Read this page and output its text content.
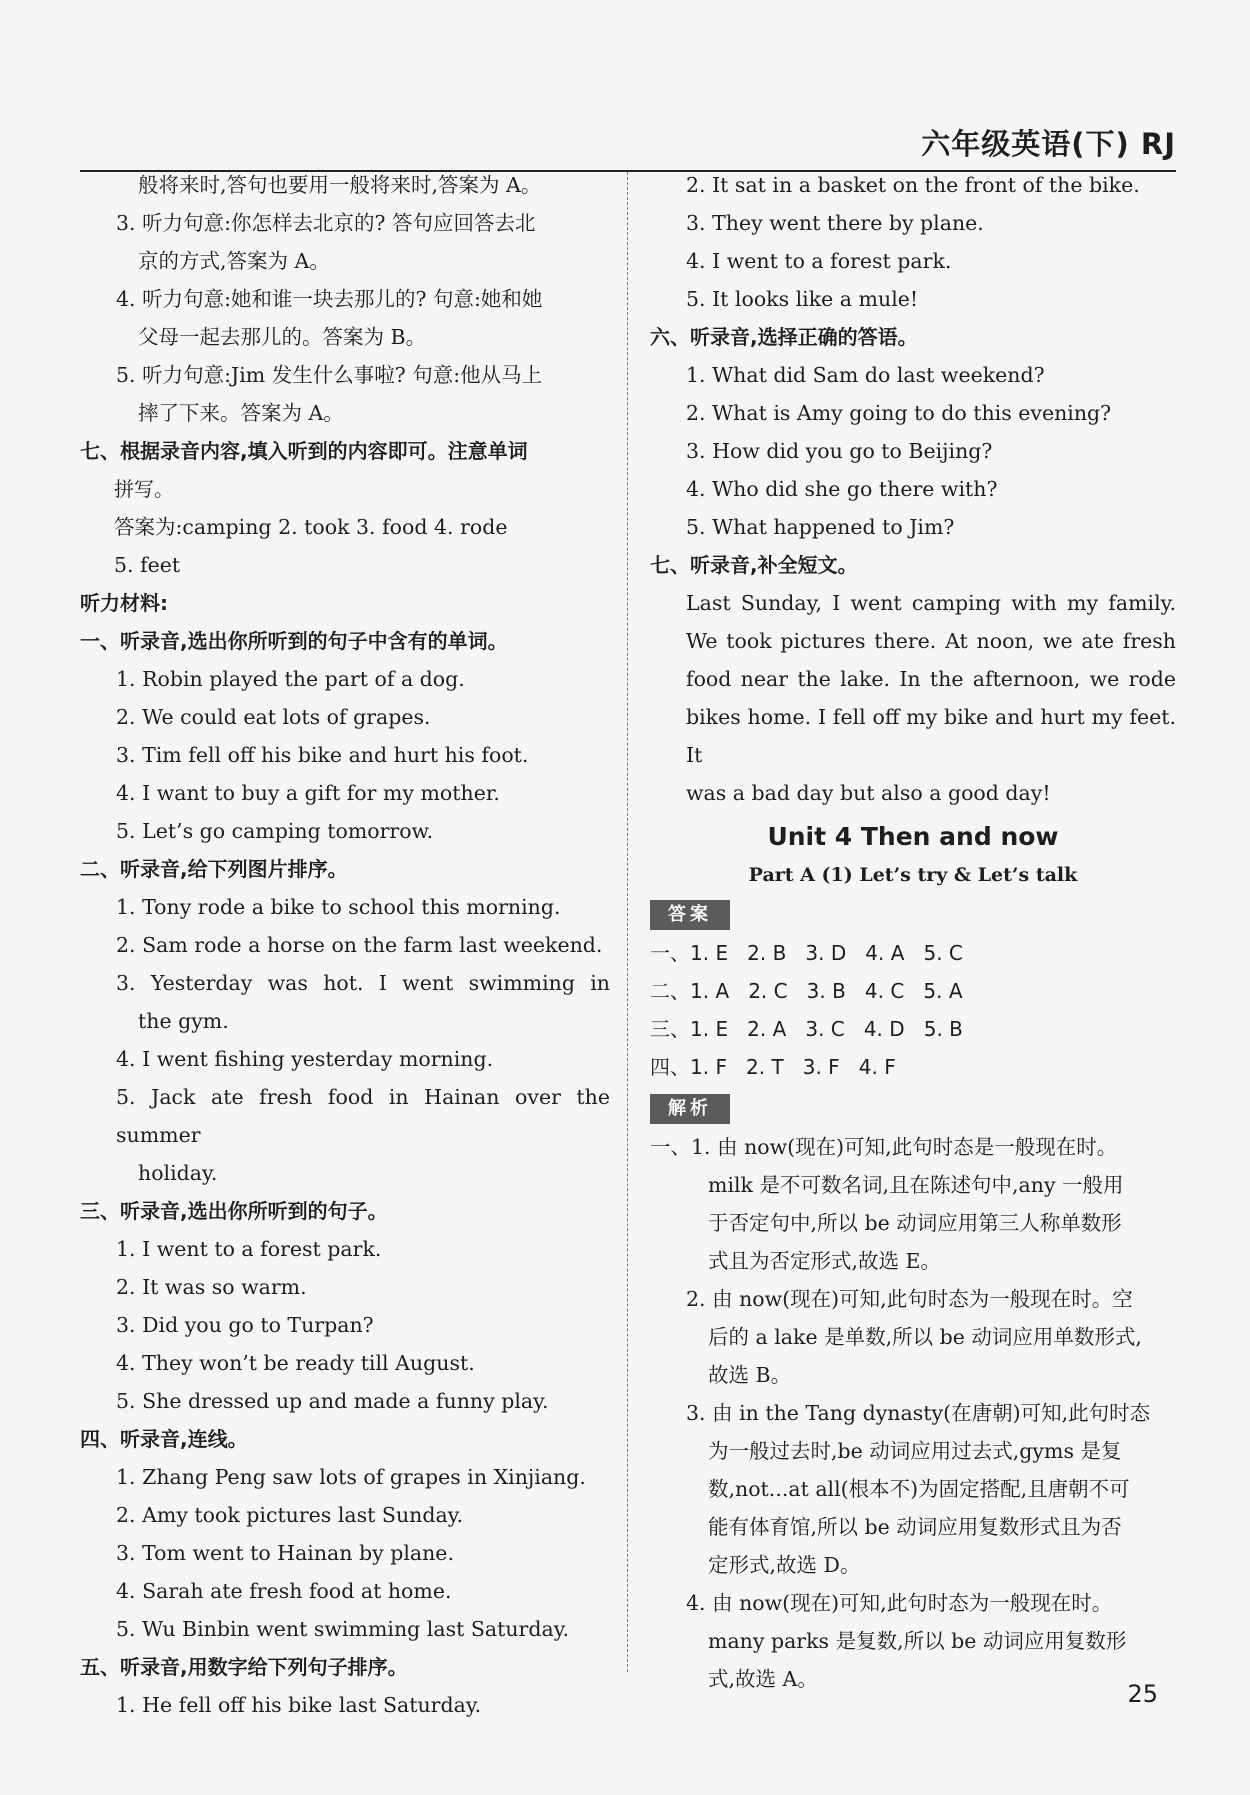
六年级英语(下) RJ
般将来时,答句也要用一般将来时,答案为 A。
3. 听力句意:你怎样去北京的? 答句应回答去北
京的方式,答案为 A。
4. 听力句意:她和谁一块去那儿的? 句意:她和她
父母一起去那儿的。答案为 B。
5. 听力句意:Jim 发生什么事啦? 句意:他从马上
摔了下来。答案为 A。
七、根据录音内容,填入听到的内容即可。注意单词
拼写。
答案为:camping 2. took 3. food 4. rode
5. feet
听力材料:
一、听录音,选出你所听到的句子中含有的单词。
1. Robin played the part of a dog.
2. We could eat lots of grapes.
3. Tim fell off his bike and hurt his foot.
4. I want to buy a gift for my mother.
5. Let’s go camping tomorrow.
二、听录音,给下列图片排序。
1. Tony rode a bike to school this morning.
2. Sam rode a horse on the farm last weekend.
3. Yesterday was hot. I went swimming in
the gym.
4. I went fishing yesterday morning.
5. Jack ate fresh food in Hainan over the summer
holiday.
三、听录音,选出你所听到的句子。
1. I went to a forest park.
2. It was so warm.
3. Did you go to Turpan?
4. They won’t be ready till August.
5. She dressed up and made a funny play.
四、听录音,连线。
1. Zhang Peng saw lots of grapes in Xinjiang.
2. Amy took pictures last Sunday.
3. Tom went to Hainan by plane.
4. Sarah ate fresh food at home.
5. Wu Binbin went swimming last Saturday.
五、听录音,用数字给下列句子排序。
1. He fell off his bike last Saturday.
2. It sat in a basket on the front of the bike.
3. They went there by plane.
4. I went to a forest park.
5. It looks like a mule!
六、听录音,选择正确的答语。
1. What did Sam do last weekend?
2. What is Amy going to do this evening?
3. How did you go to Beijing?
4. Who did she go there with?
5. What happened to Jim?
七、听录音,补全短文。
Last Sunday, I went camping with my family.
We took pictures there. At noon, we ate fresh
food near the lake. In the afternoon, we rode
bikes home. I fell off my bike and hurt my feet. It
was a bad day but also a good day!
Unit 4 Then and now
Part A (1) Let’s try & Let’s talk
答案
一、1. E   2. B   3. D   4. A   5. C
二、1. A   2. C   3. B   4. C   5. A
三、1. E   2. A   3. C   4. D   5. B
四、1. F   2. T   3. F   4. F
解析
一、1. 由 now(现在)可知,此句时态是一般现在时。
milk 是不可数名词,且在陈述句中,any 一般用
于否定句中,所以 be 动词应用第三人称单数形
式且为否定形式,故选 E。
2. 由 now(现在)可知,此句时态为一般现在时。空
后的 a lake 是单数,所以 be 动词应用单数形式,
故选 B。
3. 由 in the Tang dynasty(在唐朝)可知,此句时态
为一般过去时,be 动词应用过去式,gyms 是复
数,not...at all(根本不)为固定搭配,且唐朝不可
能有体育馆,所以 be 动词应用复数形式且为否
定形式,故选 D。
4. 由 now(现在)可知,此句时态为一般现在时。
many parks 是复数,所以 be 动词应用复数形
式,故选 A。
25
